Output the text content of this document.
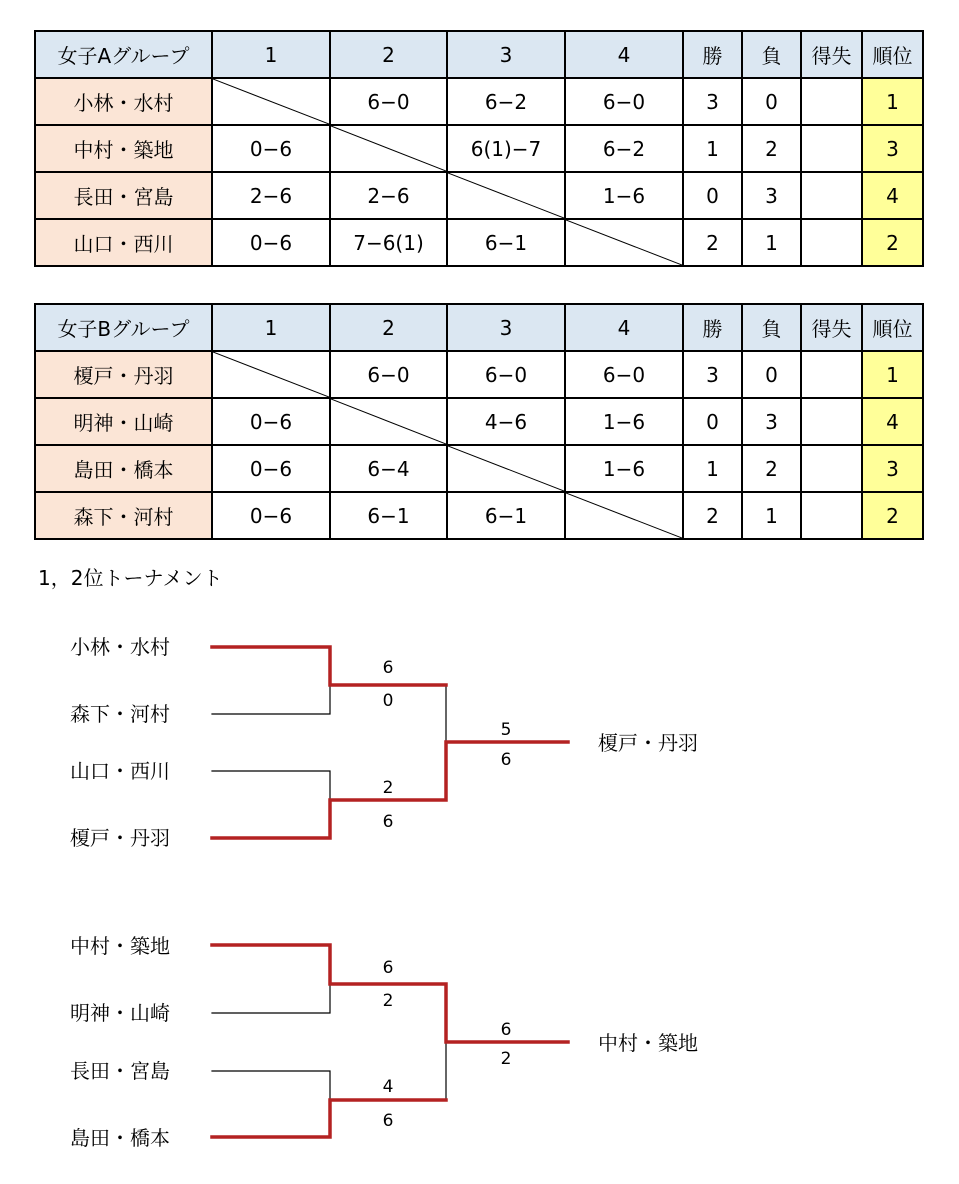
女子Aグループ	1	2	3	4	勝	負	得失	順位
小林・水村		6−0	6−2	6−0	3	0		1
中村・築地	0−6		6(1)−7	6−2	1	2		3
長田・宮島	2−6	2−6		1−6	0	3		4
山口・西川	0−6	7−6(1)	6−1		2	1		2
女子Bグループ	1	2	3	4	勝	負	得失	順位
榎戸・丹羽		6−0	6−0	6−0	3	0		1
明神・山崎	0−6		4−6	1−6	0	3		4
島田・橋本	0−6	6−4		1−6	1	2		3
森下・河村	0−6	6−1	6−1		2	1		2
1，2位トーナメント
小林・水村
森下・河村
山口・西川
榎戸・丹羽
6
0
2
6
5
6
榎戸・丹羽
中村・築地
明神・山崎
長田・宮島
島田・橋本
6
2
4
6
6
2
中村・築地
